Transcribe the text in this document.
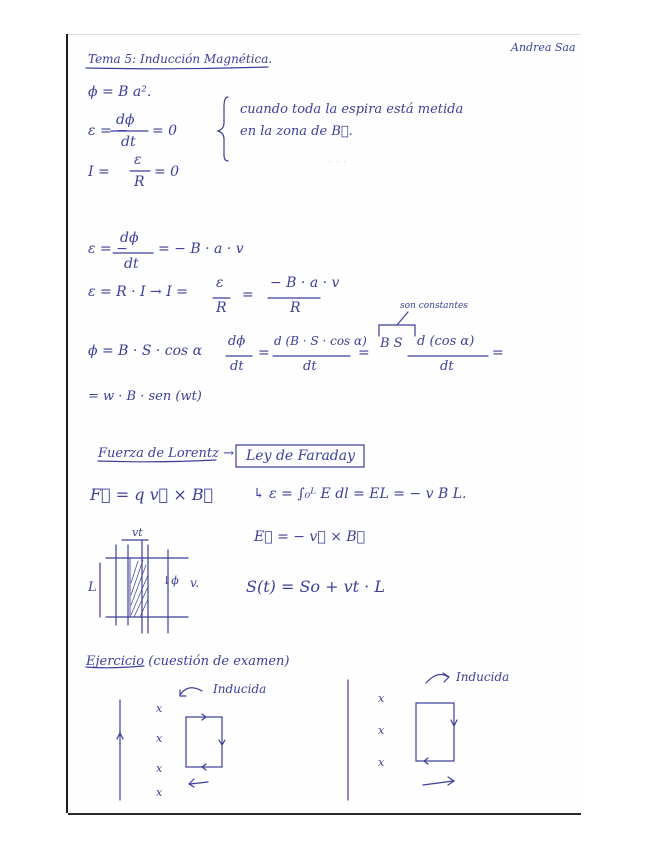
· · ·
Tema 5: Inducción Magnética.
Andrea Saa
ϕ = B a².
ε = −
dϕ
dt
= 0
I =
ε
R
= 0
cuando toda la espira está metida
en la zona de B⃗.
ε = −
dϕ
dt
= − B · a · v
ε = R · I → I =
ε
R
=
− B · a · v
R
ϕ = B · S · cos α
son constantes
dϕ
dt
=
d (B · S · cos α)
dt
=
B S d (cos α)
dt
=
= w · B · sen (wt)
Fuerza de Lorentz → Ley de Faraday
F⃗ = q v⃗ × B⃗	↳ ε = ∫₀ᴸ E dl = EL = − v B L.
E⃗ = − v⃗ × B⃗
S(t) = So + vt · L
vt
L	↓ϕ v.
Ejercicio (cuestión de examen)
Inducida
Inducida
x
x
x
x
x
x
x
